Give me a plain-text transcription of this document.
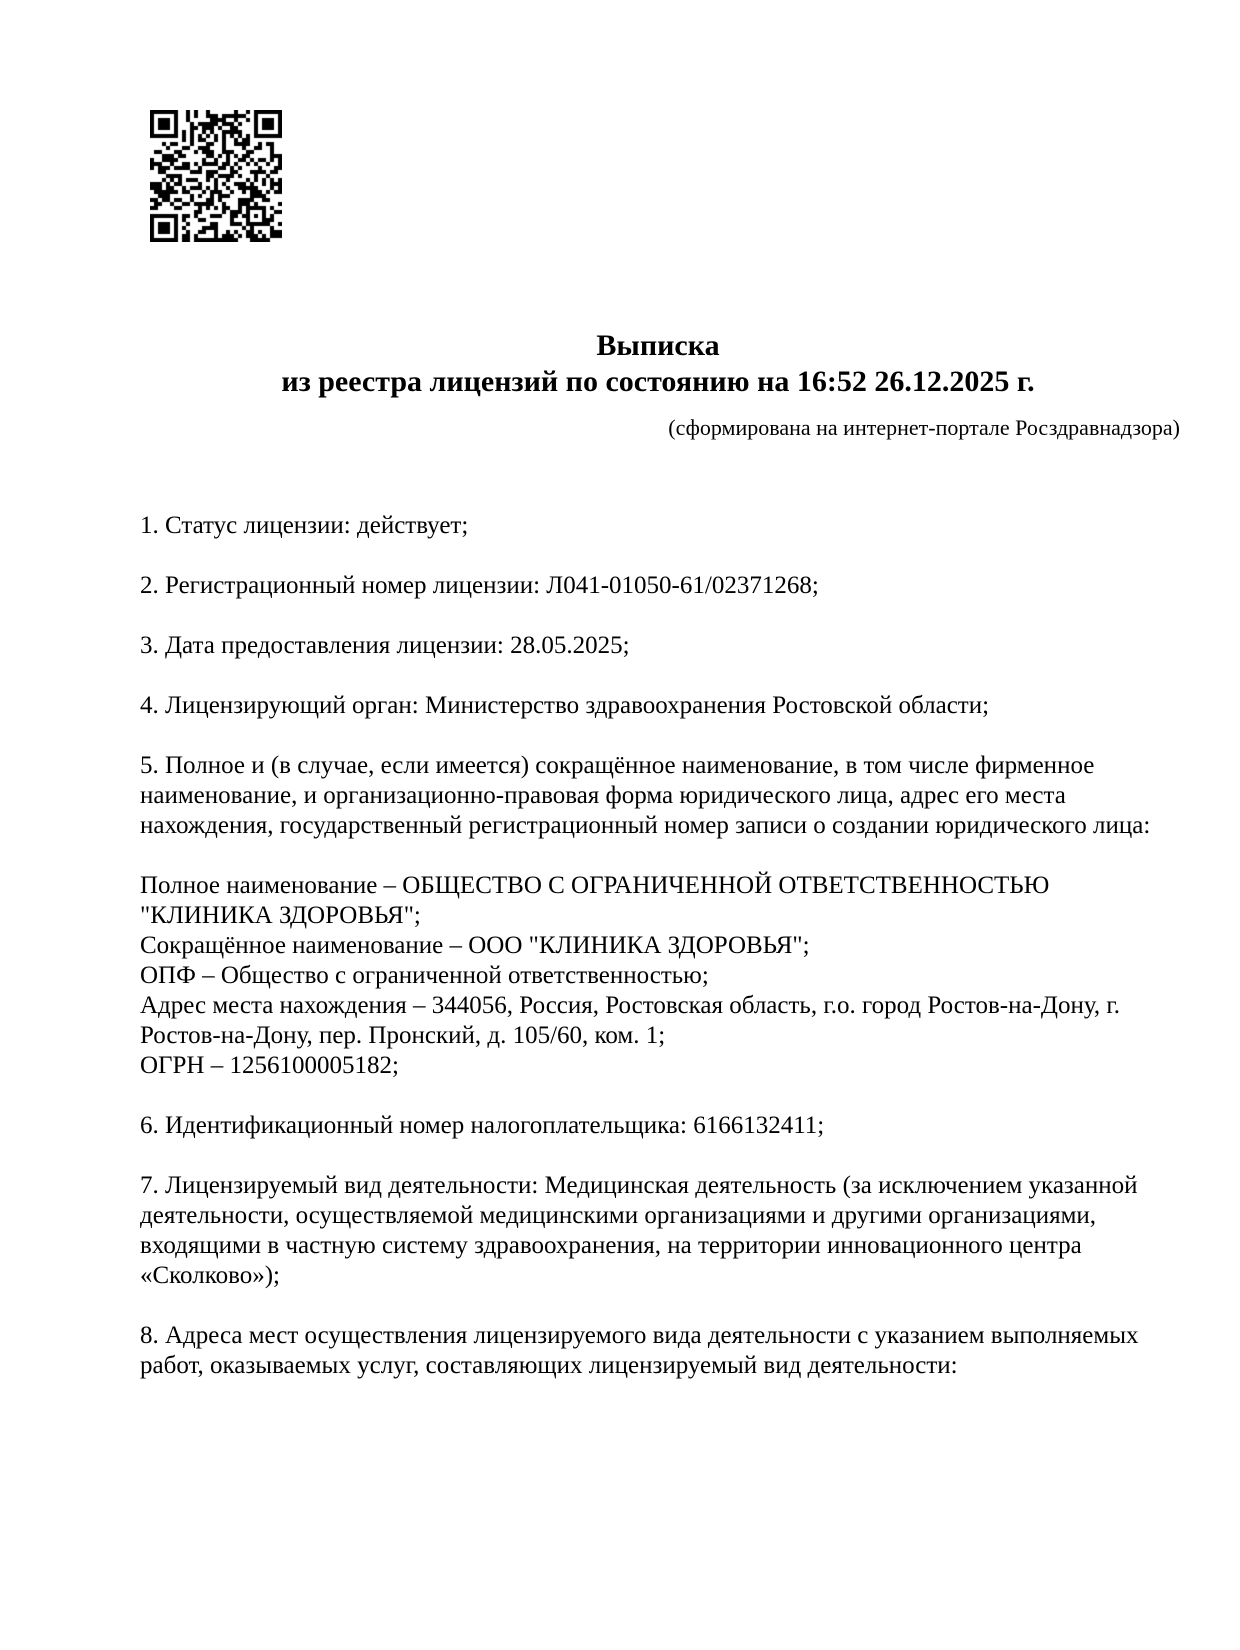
Выписка
из реестра лицензий по состоянию на 16:52 26.12.2025 г.
(сформирована на интернет-портале Росздравнадзора)
1. Статус лицензии: действует;
2. Регистрационный номер лицензии: Л041-01050-61/02371268;
3. Дата предоставления лицензии: 28.05.2025;
4. Лицензирующий орган: Министерство здравоохранения Ростовской области;
5. Полное и (в случае, если имеется) сокращённое наименование, в том числе фирменное
наименование, и организационно-правовая форма юридического лица, адрес его места
нахождения, государственный регистрационный номер записи о создании юридического лица:
Полное наименование – ОБЩЕСТВО С ОГРАНИЧЕННОЙ ОТВЕТСТВЕННОСТЬЮ
"КЛИНИКА ЗДОРОВЬЯ";
Сокращённое наименование – ООО "КЛИНИКА ЗДОРОВЬЯ";
ОПФ – Общество с ограниченной ответственностью;
Адрес места нахождения – 344056, Россия, Ростовская область, г.о. город Ростов-на-Дону, г.
Ростов-на-Дону, пер. Пронский, д. 105/60, ком. 1;
ОГРН – 1256100005182;
6. Идентификационный номер налогоплательщика: 6166132411;
7. Лицензируемый вид деятельности: Медицинская деятельность (за исключением указанной
деятельности, осуществляемой медицинскими организациями и другими организациями,
входящими в частную систему здравоохранения, на территории инновационного центра
«Сколково»);
8. Адреса мест осуществления лицензируемого вида деятельности с указанием выполняемых
работ, оказываемых услуг, составляющих лицензируемый вид деятельности:
